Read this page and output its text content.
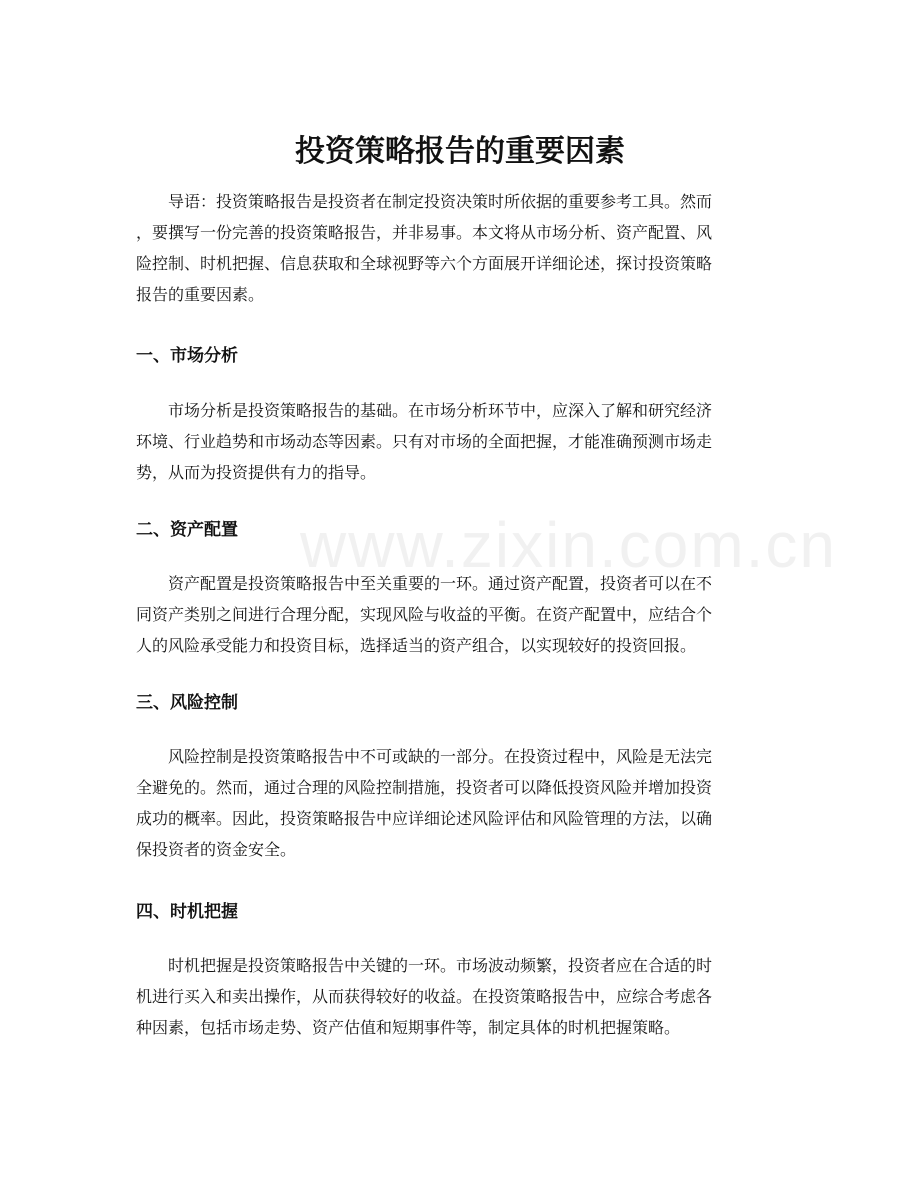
www.zixin.com.cn
投资策略报告的重要因素

导语：投资策略报告是投资者在制定投资决策时所依据的重要参考工具。然而
，要撰写一份完善的投资策略报告，并非易事。本文将从市场分析、资产配置、风
险控制、时机把握、信息获取和全球视野等六个方面展开详细论述，探讨投资策略
报告的重要因素。

一、市场分析

市场分析是投资策略报告的基础。在市场分析环节中，应深入了解和研究经济
环境、行业趋势和市场动态等因素。只有对市场的全面把握，才能准确预测市场走
势，从而为投资提供有力的指导。

二、资产配置

资产配置是投资策略报告中至关重要的一环。通过资产配置，投资者可以在不
同资产类别之间进行合理分配，实现风险与收益的平衡。在资产配置中，应结合个
人的风险承受能力和投资目标，选择适当的资产组合，以实现较好的投资回报。

三、风险控制

风险控制是投资策略报告中不可或缺的一部分。在投资过程中，风险是无法完
全避免的。然而，通过合理的风险控制措施，投资者可以降低投资风险并增加投资
成功的概率。因此，投资策略报告中应详细论述风险评估和风险管理的方法，以确
保投资者的资金安全。

四、时机把握

时机把握是投资策略报告中关键的一环。市场波动频繁，投资者应在合适的时
机进行买入和卖出操作，从而获得较好的收益。在投资策略报告中，应综合考虑各
种因素，包括市场走势、资产估值和短期事件等，制定具体的时机把握策略。
